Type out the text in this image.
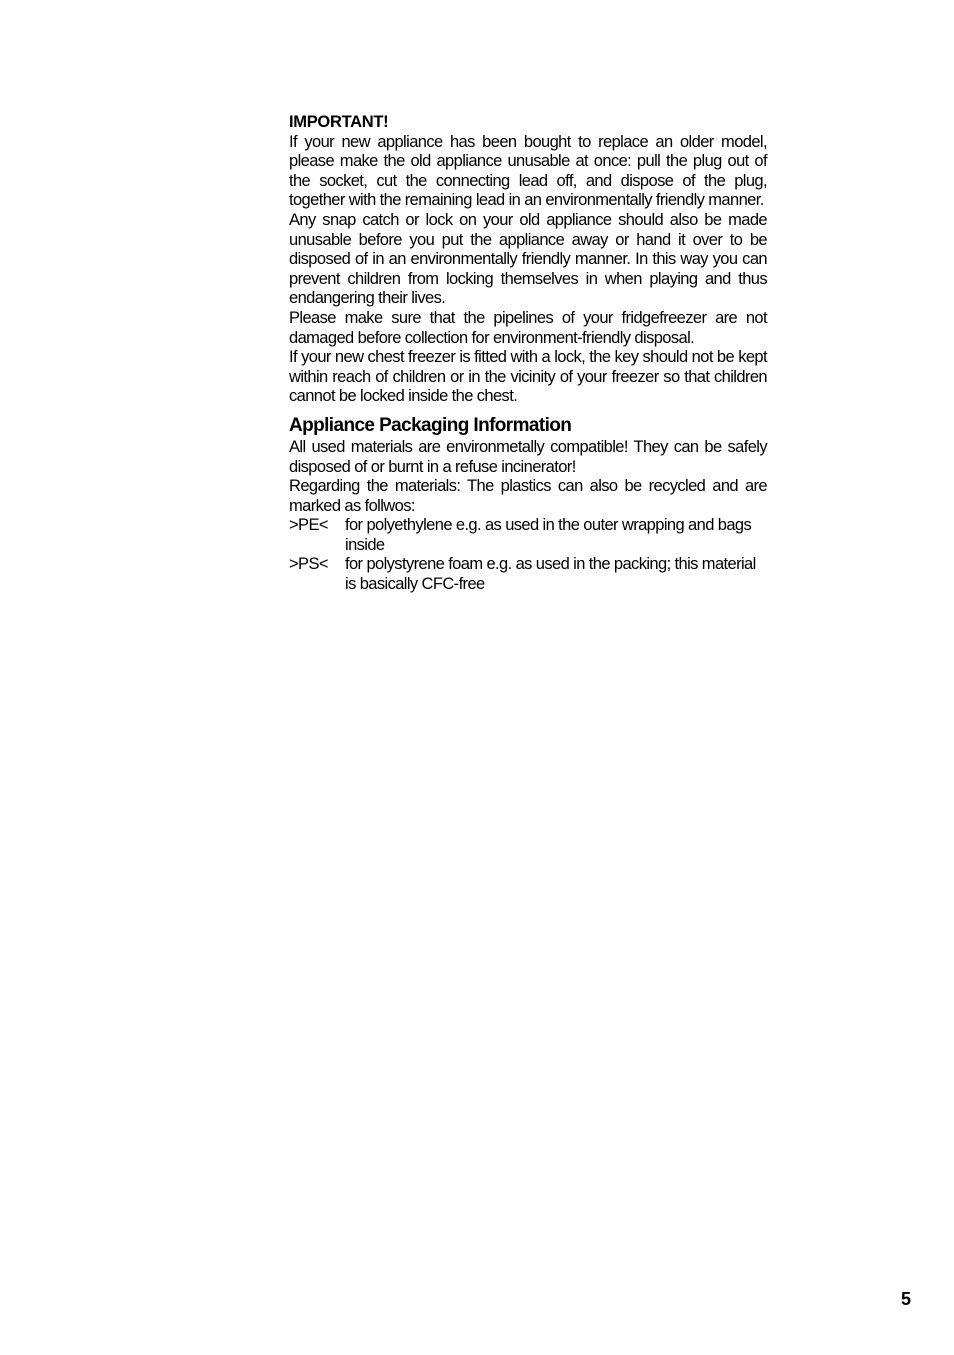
IMPORTANT!

If your new appliance has been bought to replace an older model, please make the old appliance unusable at once: pull the plug out of the socket, cut the connecting lead off, and dispose of the plug, together with the remaining lead in an environmentally friendly manner.

Any snap catch or lock on your old appliance should also be made unusable before you put the appliance away or hand it over to be disposed of in an environmentally friendly manner. In this way you can prevent children from locking themselves in when playing and thus endangering their lives.

Please make sure that the pipelines of your fridgefreezer are not damaged before collection for environment-friendly disposal.

If your new chest freezer is fitted with a lock, the key should not be kept within reach of children or in the vicinity of your freezer so that children cannot be locked inside the chest.

Appliance Packaging Information

All used materials are environmetally compatible! They can be safely disposed of or burnt in a refuse incinerator!

Regarding the materials: The plastics can also be recycled and are marked as follwos:

>PE<	for polyethylene e.g. as used in the outer wrapping and bags inside
>PS<	for polystyrene foam e.g. as used in the packing; this material is basically CFC-free
5
